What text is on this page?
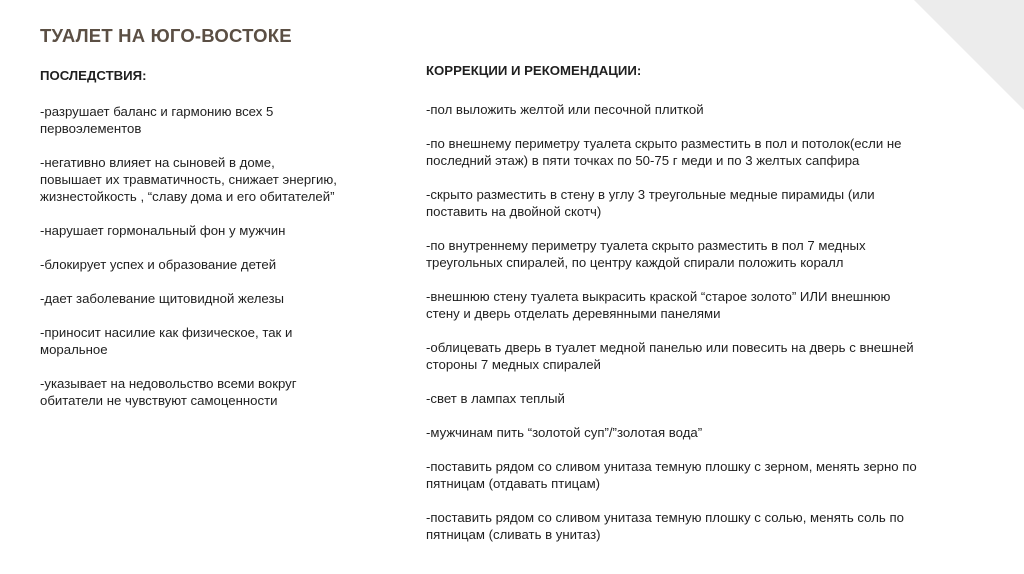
ТУАЛЕТ НА ЮГО-ВОСТОКЕ
ПОСЛЕДСТВИЯ:

-разрушает баланс и гармонию всех 5 первоэлементов

-негативно влияет на сыновей в доме, повышает их травматичность, снижает энергию, жизнестойкость , “славу дома и его обитателей”

-нарушает гормональный фон у мужчин

-блокирует успех и образование детей

-дает заболевание щитовидной железы

-приносит насилие как физическое, так и моральное

-указывает на недовольство всеми вокруг обитатели не чувствуют самоценности

КОРРЕКЦИИ И РЕКОМЕНДАЦИИ:

-пол выложить желтой или песочной плиткой

-по внешнему периметру туалета скрыто разместить в пол и потолок(если не последний этаж) в пяти точках по 50-75 г меди и по 3 желтых сапфира

-скрыто разместить в стену в углу 3 треугольные медные пирамиды (или поставить на двойной скотч)

-по внутреннему периметру туалета скрыто разместить в пол 7 медных треугольных спиралей, по центру каждой спирали положить коралл

-внешнюю стену туалета выкрасить краской “старое золото” ИЛИ внешнюю стену и дверь отделать деревянными панелями

-облицевать дверь в туалет медной панелью или повесить на дверь с внешней стороны 7 медных спиралей

-свет в лампах теплый

-мужчинам пить “золотой суп”/”золотая вода”

-поставить рядом со сливом унитаза темную плошку с зерном, менять зерно по пятницам (отдавать птицам)

-поставить рядом со сливом унитаза темную плошку с солью, менять соль по пятницам (сливать в унитаз)
